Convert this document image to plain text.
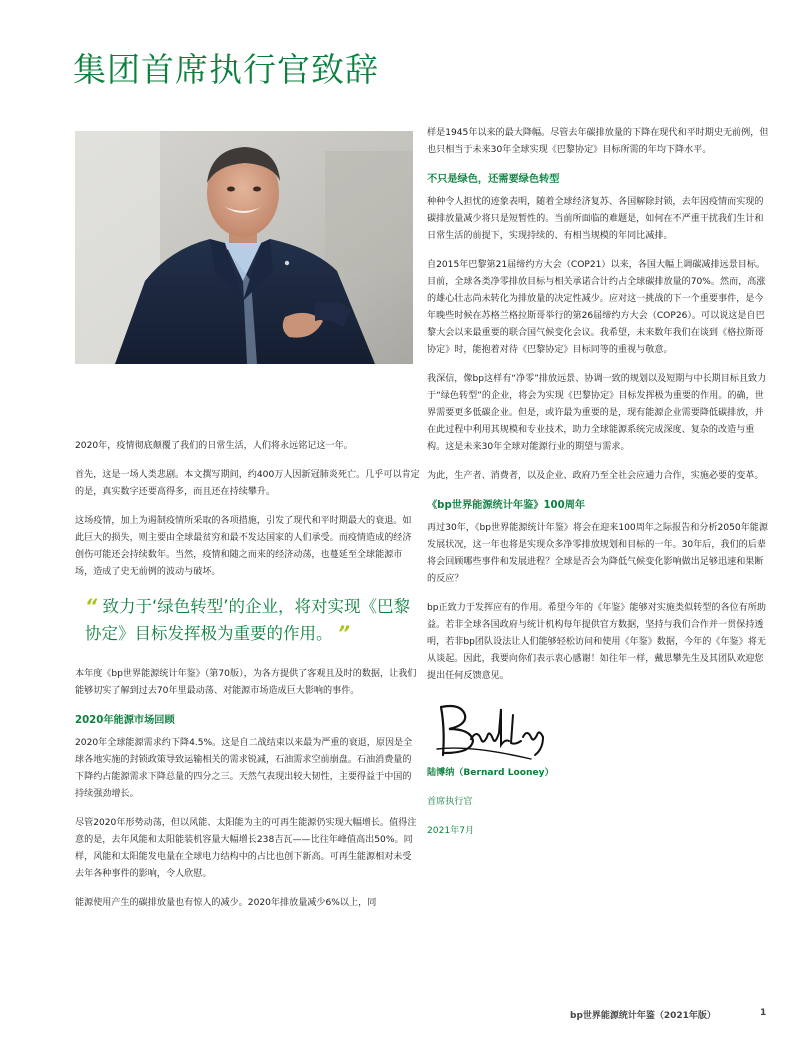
集团首席执行官致辞

2020年，疫情彻底颠覆了我们的日常生活，人们将永远铭记这一年。

首先，这是一场人类悲剧。本文撰写期间，约400万人因新冠肺炎死亡。几乎可以肯定的是，真实数字还要高得多，而且还在持续攀升。

这场疫情，加上为遏制疫情所采取的各项措施，引发了现代和平时期最大的衰退。如此巨大的损失，则主要由全球最贫穷和最不发达国家的人们承受。而疫情造成的经济创伤可能还会持续数年。当然，疫情和随之而来的经济动荡，也蔓延至全球能源市场，造成了史无前例的波动与破坏。

“ 致力于‘绿色转型’的企业，将对实现《巴黎协定》目标发挥极为重要的作用。 ”

本年度《bp世界能源统计年鉴》（第70版），为各方提供了客观且及时的数据，让我们能够切实了解到过去70年里最动荡、对能源市场造成巨大影响的事件。

2020年能源市场回顾

2020年全球能源需求约下降4.5%。这是自二战结束以来最为严重的衰退，原因是全球各地实施的封锁政策导致运输相关的需求锐减，石油需求空前崩盘。石油消费量的下降约占能源需求下降总量的四分之三。天然气表现出较大韧性，主要得益于中国的持续强劲增长。

尽管2020年形势动荡，但以风能、太阳能为主的可再生能源仍实现大幅增长。值得注意的是，去年风能和太阳能装机容量大幅增长238吉瓦——比往年峰值高出50%。同样，风能和太阳能发电量在全球电力结构中的占比也创下新高。可再生能源相对未受去年各种事件的影响，令人欣慰。

能源使用产生的碳排放量也有惊人的减少。2020年排放量减少6%以上，同

样是1945年以来的最大降幅。尽管去年碳排放量的下降在现代和平时期史无前例，但也只相当于未来30年全球实现《巴黎协定》目标所需的年均下降水平。

不只是绿色，还需要绿色转型

种种令人担忧的迹象表明，随着全球经济复苏、各国解除封锁，去年因疫情而实现的碳排放量减少将只是短暂性的。当前所面临的难题是，如何在不严重干扰我们生计和日常生活的前提下，实现持续的、有相当规模的年同比减排。

自2015年巴黎第21届缔约方大会（COP21）以来，各国大幅上调碳减排远景目标。目前，全球各类净零排放目标与相关承诺合计约占全球碳排放量的70%。然而，高涨的雄心壮志尚未转化为排放量的决定性减少。应对这一挑战的下一个重要事件，是今年晚些时候在苏格兰格拉斯哥举行的第26届缔约方大会（COP26）。可以说这是自巴黎大会以来最重要的联合国气候变化会议。我希望，未来数年我们在谈到《格拉斯哥协定》时，能抱着对待《巴黎协定》目标同等的重视与敬意。

我深信，像bp这样有“净零”排放远景、协调一致的规划以及短期与中长期目标且致力于“绿色转型”的企业，将会为实现《巴黎协定》目标发挥极为重要的作用。的确，世界需要更多低碳企业。但是，或许最为重要的是，现有能源企业需要降低碳排放，并在此过程中利用其规模和专业技术，助力全球能源系统完成深度、复杂的改造与重构。这是未来30年全球对能源行业的期望与需求。

为此，生产者、消费者，以及企业、政府乃至全社会应通力合作，实施必要的变革。

《bp世界能源统计年鉴》100周年

再过30年，《bp世界能源统计年鉴》将会在迎来100周年之际报告和分析2050年能源发展状况，这一年也将是实现众多净零排放规划和目标的一年。30年后，我们的后辈将会回顾哪些事件和发展进程？全球是否会为降低气候变化影响做出足够迅速和果断的反应？

bp正致力于发挥应有的作用。希望今年的《年鉴》能够对实施类似转型的各位有所助益。若非全球各国政府与统计机构每年提供官方数据，坚持与我们合作并一贯保持透明，若非bp团队设法让人们能够轻松访问和使用《年鉴》数据，今年的《年鉴》将无从谈起。因此，我要向你们表示衷心感谢！如往年一样，戴思攀先生及其团队欢迎您提出任何反馈意见。

陆博纳（Bernard Looney）

首席执行官

2021年7月

bp世界能源统计年鉴（2021年版）	1
